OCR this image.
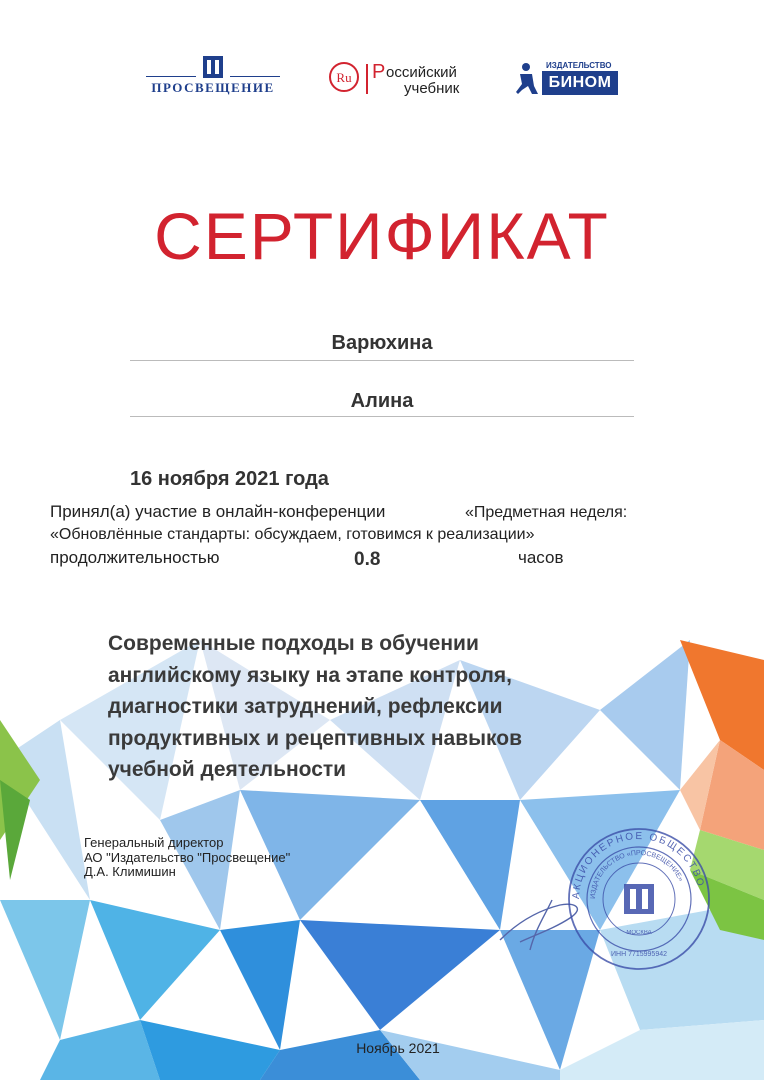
ПРОСВЕЩЕНИЕ
Ru Р оссийский
учебник
ИЗДАТЕЛЬСТВО
БИНОМ
СЕРТИФИКАТ
Варюхина
Алина
16 ноября 2021 года
Принял(а) участие в онлайн-конференции	«Предметная неделя:
«Обновлённые стандарты: обсуждаем, готовимся к реализации»
продолжительностью	0.8	часов
Современные подходы в обучении
английскому языку на этапе контроля,
диагностики затруднений, рефлексии
продуктивных и рецептивных навыков
учебной деятельности
Генеральный директор
АО "Издательство "Просвещение"
Д.А. Климишин
АКЦИОНЕРНОЕ ОБЩЕСТВО
ИЗДАТЕЛЬСТВО «ПРОСВЕЩЕНИЕ»
МОСКВА
ИНН 7715995942
Ноябрь 2021
